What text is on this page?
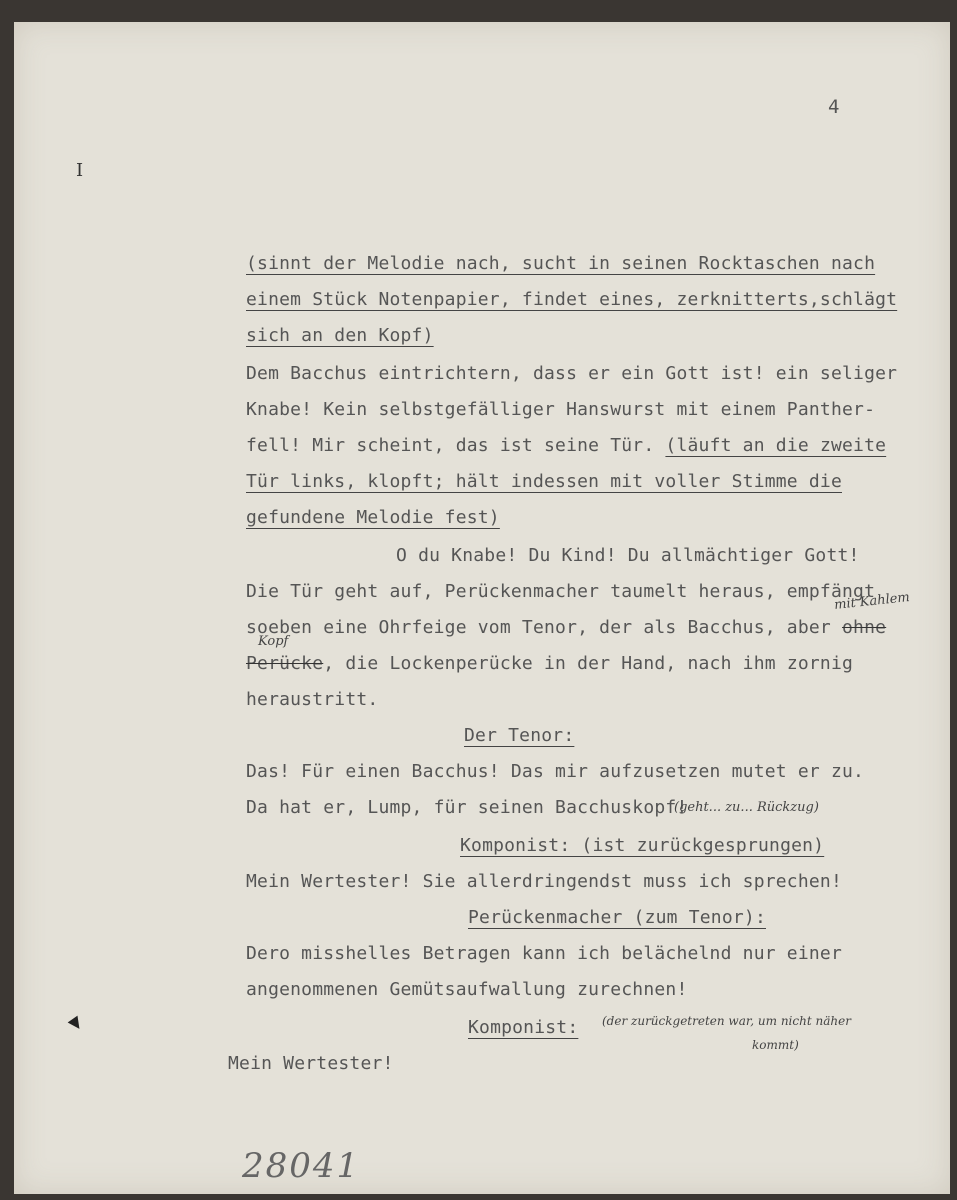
4
I
(sinnt der Melodie nach, sucht in seinen Rocktaschen nach
einem Stück Notenpapier, findet eines, zerknitterts,schlägt
sich an den Kopf)
Dem Bacchus eintrichtern, dass er ein Gott ist! ein seliger
Knabe! Kein selbstgefälliger Hanswurst mit einem Panther-
fell! Mir scheint, das ist seine Tür. (läuft an die zweite
Tür links, klopft; hält indessen mit voller Stimme die
gefundene Melodie fest)
O du Knabe! Du Kind! Du allmächtiger Gott!
Die Tür geht auf, Perückenmacher taumelt heraus, empfängt
soeben eine Ohrfeige vom Tenor, der als Bacchus, aber ohne
mit Kahlem
Perücke, die Lockenperücke in der Hand, nach ihm zornig
Kopf
heraustritt.
Der Tenor:
Das! Für einen Bacchus! Das mir aufzusetzen mutet er zu.
Da hat er, Lump, für seinen Bacchuskopf!
(geht... zu... Rückzug)
Komponist: (ist zurückgesprungen)
Mein Wertester! Sie allerdringendst muss ich sprechen!
Perückenmacher (zum Tenor):
Dero misshelles Betragen kann ich belächelnd nur einer
angenommenen Gemütsaufwallung zurechnen!
Komponist: (der zurückgetreten war, um nicht näher
kommt)
Mein Wertester!
28041
